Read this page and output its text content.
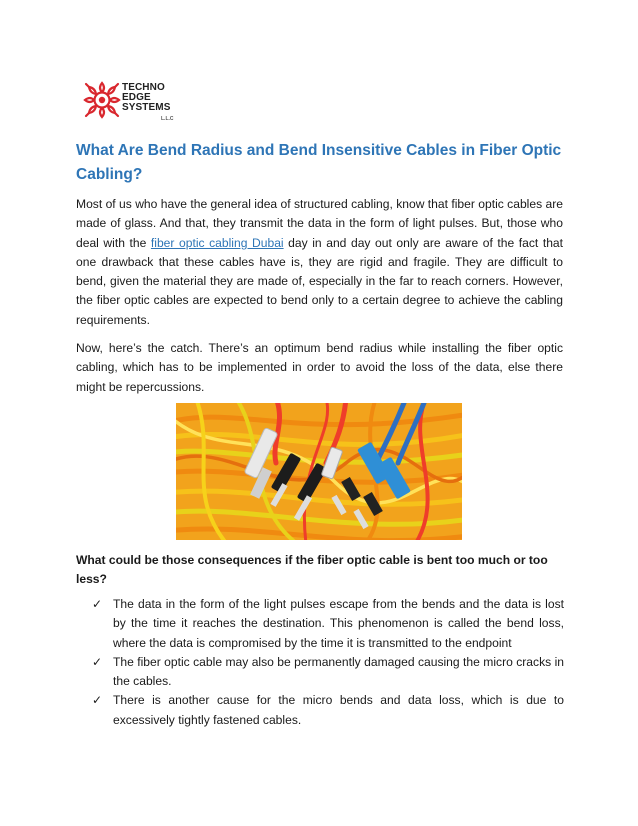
TECHNO
EDGE
SYSTEMS
L.L.C
What Are Bend Radius and Bend Insensitive Cables in Fiber Optic Cabling?

Most of us who have the general idea of structured cabling, know that fiber optic cables are made of glass. And that, they transmit the data in the form of light pulses. But, those who deal with the fiber optic cabling Dubai day in and day out only are aware of the fact that one drawback that these cables have is, they are rigid and fragile. They are difficult to bend, given the material they are made of, especially in the far to reach corners. However, the fiber optic cables are expected to bend only to a certain degree to achieve the cabling requirements.

Now, here’s the catch. There’s an optimum bend radius while installing the fiber optic cabling, which has to be implemented in order to avoid the loss of the data, else there might be repercussions.

What could be those consequences if the fiber optic cable is bent too much or too less?

✓ The data in the form of the light pulses escape from the bends and the data is lost by the time it reaches the destination. This phenomenon is called the bend loss, where the data is compromised by the time it is transmitted to the endpoint
✓ The fiber optic cable may also be permanently damaged causing the micro cracks in the cables.
✓ There is another cause for the micro bends and data loss, which is due to excessively tightly fastened cables.
